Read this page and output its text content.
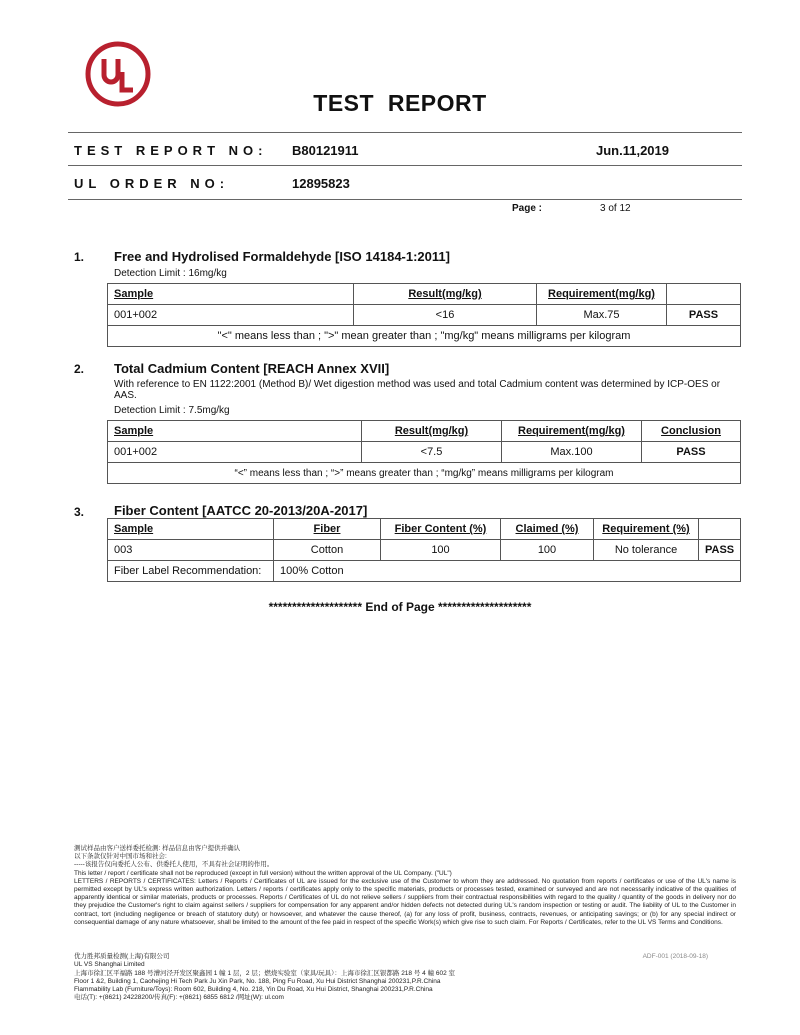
TEST  REPORT
TEST REPORT NO: B80121911	Jun.11,2019
UL ORDER NO:	12895823
Page :	3 of 12
1. Free and Hydrolised Formaldehyde [ISO 14184-1:2011]
Detection Limit : 16mg/kg
Sample	Result(mg/kg)	Requirement(mg/kg)	
001+002	<16	Max.75	PASS
"<" means less than ; ">" mean greater than ; "mg/kg" means milligrams per kilogram			
2. Total Cadmium Content [REACH Annex XVII]
With reference to EN 1122:2001 (Method B)/ Wet digestion method was used and total Cadmium content was determined by ICP-OES or AAS.
Detection Limit : 7.5mg/kg
Sample	Result(mg/kg)	Requirement(mg/kg)	Conclusion
001+002	<7.5	Max.100	PASS
“<” means less than ; “>” means greater than ; “mg/kg” means milligrams per kilogram			
3. Fiber Content [AATCC 20-2013/20A-2017]
Sample	Fiber	Fiber Content (%)	Claimed (%)	Requirement (%)	
003	Cotton	100	100	No tolerance	PASS
Fiber Label Recommendation:	100% Cotton				
******************** End of Page ********************
测试样品由客户送样委托检测: 样品信息由客户提供并确认
以下条款仅针对中国市场和社会:
-----该报告仅向委托人公布、供委托人使用，不具有社会证明的作用。
This letter / report / certificate shall not be reproduced (except in full version) without the written approval of the UL Company. ("UL")
LETTERS / REPORTS / CERTIFICATES: Letters / Reports / Certificates of UL are issued for the exclusive use of the Customer to whom they are addressed. No quotation from reports / certificates or use of the UL's name is permitted except by UL's express written authorization. Letters / reports / certificates apply only to the specific materials, products or processes tested, examined or surveyed and are not necessarily indicative of the qualities of apparently identical or similar materials, products or processes. Reports / Certificates of UL do not relieve sellers / suppliers from their contractual responsibilities with regard to the quality / quantity of the goods in delivery nor do they prejudice the Customer's right to claim against sellers / suppliers for compensation for any apparent and/or hidden defects not detected during UL's random inspection or testing or audit. The liability of UL to the Customer in contract, tort (including negligence or breach of statutory duty) or howsoever, and whatever the cause thereof, (a) for any loss of profit, business, contracts, revenues, or anticipating savings; or (b) for any special indirect or consequential damage of any nature whatsoever, shall be limited to the amount of the fee paid in respect of the specific Work(s) which give rise to such claim. For Reports / Certificates, refer to the UL VS Terms and Conditions.
优力胜邦质量检测(上海)有限公司
UL VS Shanghai Limited
上海市徐汇区平福路 188 号漕河泾开发区聚鑫园 1 幢 1 层，2 层；燃烧实验室（家具/玩具）：上海市徐汇区银都路 218 号 4 幢 602 室
Floor 1 &2, Building 1, Caohejing Hi Tech Park Ju Xin Park, No. 188, Ping Fu Road, Xu Hui District Shanghai 200231,P.R.China
Flammability Lab (Furniture/Toys): Room 602, Building 4, No. 218, Yin Du Road, Xu Hui District, Shanghai 200231,P.R.China
电话(T): +(8621) 24228200/传真(F): +(8621) 6855 6812 /网址(W): ul.com
ADF-001 (2018-09-18)
